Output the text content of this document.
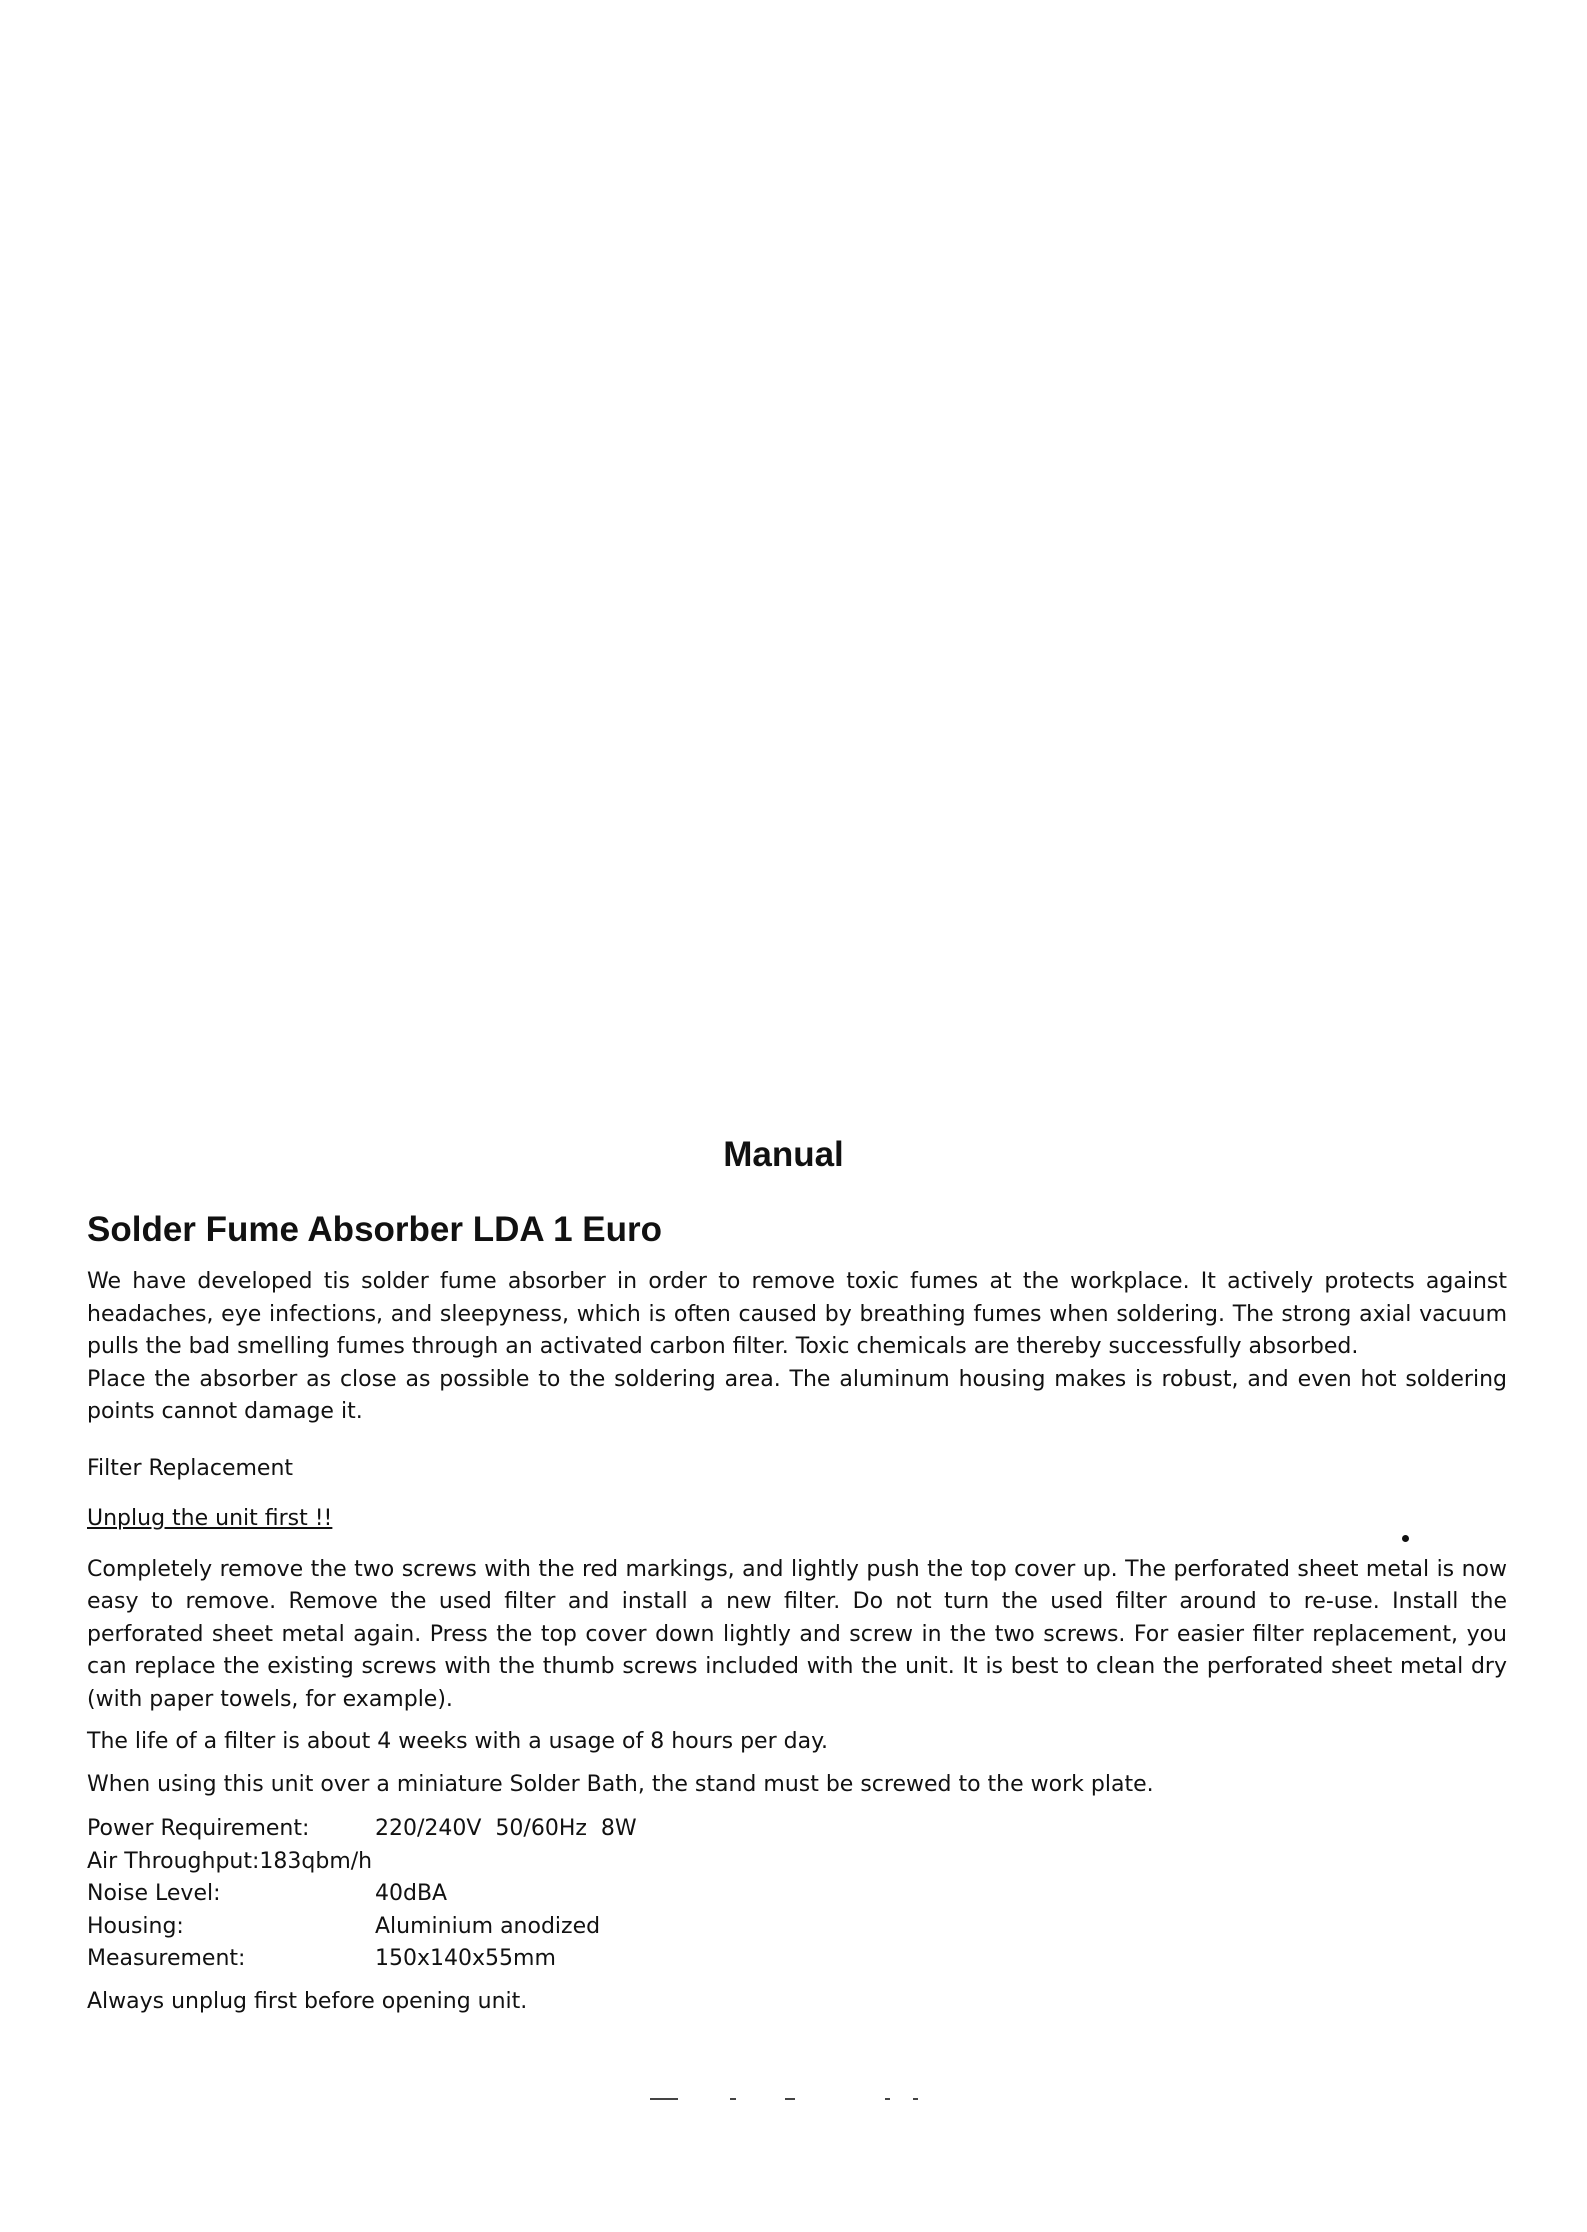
Manual
Solder Fume Absorber LDA 1 Euro

We have developed tis solder fume absorber in order to remove toxic fumes at the workplace. It actively protects against headaches, eye infections, and sleepyness, which is often caused by breathing fumes when soldering. The strong axial vacuum pulls the bad smelling fumes through an activated carbon filter. Toxic chemicals are thereby successfully absorbed.

Place the absorber as close as possible to the soldering area. The aluminum housing makes is robust, and even hot soldering points cannot damage it.

Filter Replacement

Unplug the unit first !!

Completely remove the two screws with the red markings, and lightly push the top cover up. The perforated sheet metal is now easy to remove. Remove the used filter and install a new filter. Do not turn the used filter around to re-use. Install the perforated sheet metal again. Press the top cover down lightly and screw in the two screws. For easier filter replacement, you can replace the existing screws with the thumb screws included with the unit. It is best to clean the perforated sheet metal dry (with paper towels, for example).

The life of a filter is about 4 weeks with a usage of 8 hours per day.

When using this unit over a miniature Solder Bath, the stand must be screwed to the work plate.

Power Requirement:	220/240V  50/60Hz  8W
Air Throughput: 183qbm/h
Noise Level:	40dBA
Housing:	Aluminium anodized
Measurement:	150x140x55mm

Always unplug first before opening unit.
